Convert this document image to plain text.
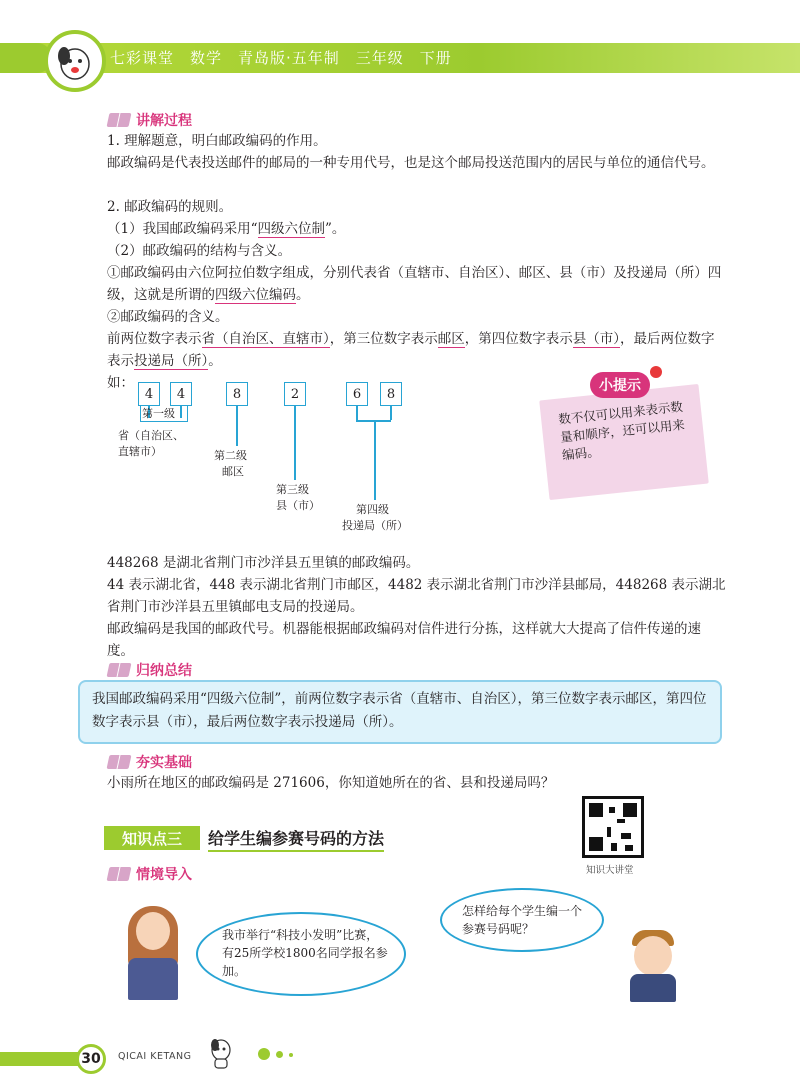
七彩课堂　数学　青岛版·五年制　三年级　下册
讲解过程
1. 理解题意，明白邮政编码的作用。
邮政编码是代表投送邮件的邮局的一种专用代号，也是这个邮局投送范围内的居民与单位的通信代号。
2. 邮政编码的规则。
（1）我国邮政编码采用“四级六位制”。
（2）邮政编码的结构与含义。
①邮政编码由六位阿拉伯数字组成，分别代表省（直辖市、自治区）、邮区、县（市）及投递局（所）四级，这就是所谓的四级六位编码。
②邮政编码的含义。
前两位数字表示省（自治区、直辖市），第三位数字表示邮区，第四位数字表示县（市），最后两位数字表示投递局（所）。
如：
4	4	8	2	6	8
第一级
省（自治区、
直辖市）	第二级
邮区
第三级
县（市）	第四级
投递局（所）
小提示
数不仅可以用来表示数量和顺序，还可以用来编码。
448268 是湖北省荆门市沙洋县五里镇的邮政编码。
44 表示湖北省，448 表示湖北省荆门市邮区，4482 表示湖北省荆门市沙洋县邮局，448268 表示湖北省荆门市沙洋县五里镇邮电支局的投递局。
邮政编码是我国的邮政代号。机器能根据邮政编码对信件进行分拣，这样就大大提高了信件传递的速度。
归纳总结
我国邮政编码采用“四级六位制”，前两位数字表示省（直辖市、自治区），第三位数字表示邮区，第四位数字表示县（市），最后两位数字表示投递局（所）。
夯实基础
小雨所在地区的邮政编码是 271606，你知道她所在的省、县和投递局吗？
知识大讲堂
知识点三	给学生编参赛号码的方法
情境导入
我市举行“科技小发明”比赛，有25所学校1800名同学报名参加。
怎样给每个学生编一个参赛号码呢？
30	QICAI KETANG
